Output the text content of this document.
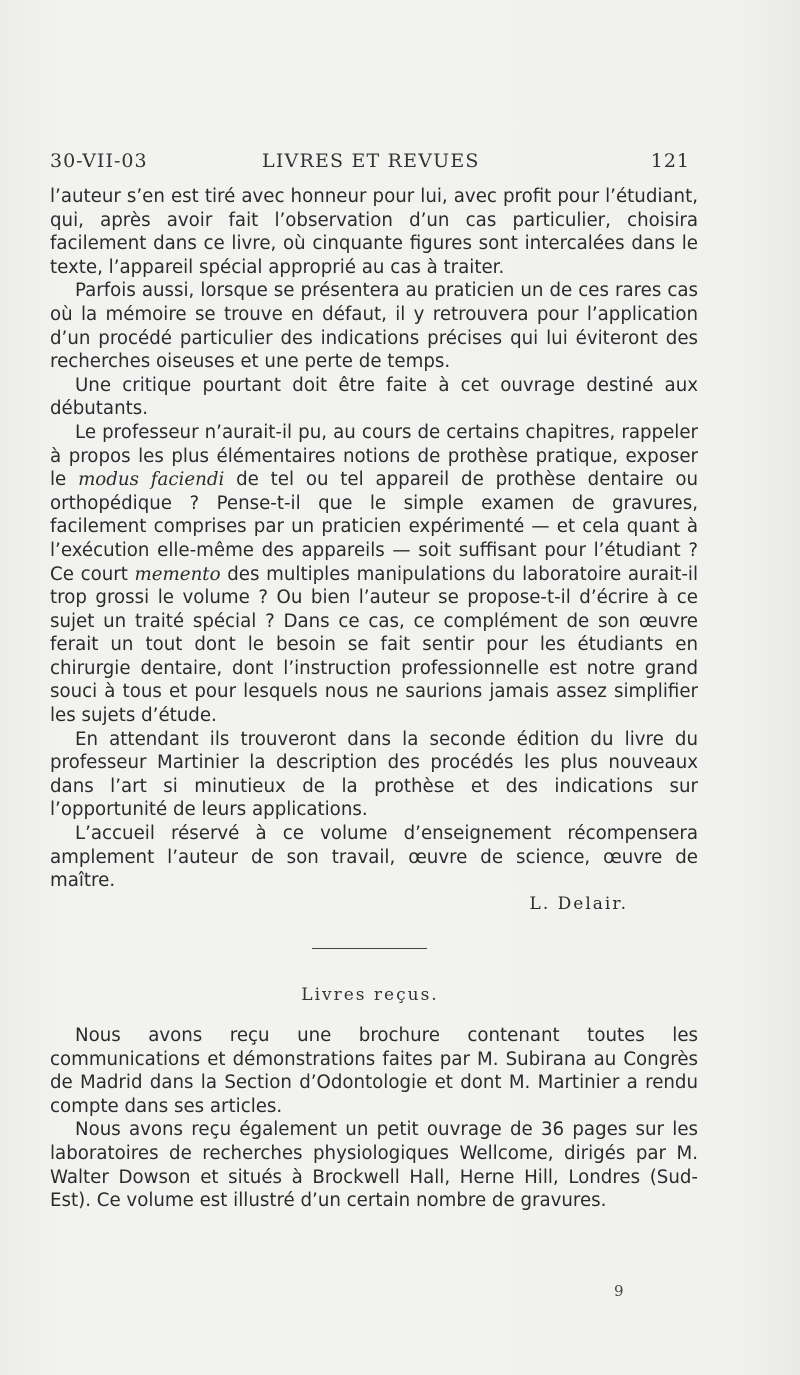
30-VII-03	LIVRES ET REVUES	121

l’auteur s’en est tiré avec honneur pour lui, avec profit pour l’étudiant, qui, après avoir fait l’observation d’un cas particulier, choisira facilement dans ce livre, où cinquante figures sont intercalées dans le texte, l’appareil spécial approprié au cas à traiter.

Parfois aussi, lorsque se présentera au praticien un de ces rares cas où la mémoire se trouve en défaut, il y retrouvera pour l’application d’un procédé particulier des indications précises qui lui éviteront des recherches oiseuses et une perte de temps.

Une critique pourtant doit être faite à cet ouvrage destiné aux débutants.

Le professeur n’aurait-il pu, au cours de certains chapitres, rappeler à propos les plus élémentaires notions de prothèse pratique, exposer le modus faciendi de tel ou tel appareil de prothèse dentaire ou orthopédique ? Pense-t-il que le simple examen de gravures, facilement comprises par un praticien expérimenté — et cela quant à l’exécution elle-même des appareils — soit suffisant pour l’étudiant ? Ce court memento des multiples manipulations du laboratoire aurait-il trop grossi le volume ? Ou bien l’auteur se propose-t-il d’écrire à ce sujet un traité spécial ? Dans ce cas, ce complément de son œuvre ferait un tout dont le besoin se fait sentir pour les étudiants en chirurgie dentaire, dont l’instruction professionnelle est notre grand souci à tous et pour lesquels nous ne saurions jamais assez simplifier les sujets d’étude.

En attendant ils trouveront dans la seconde édition du livre du professeur Martinier la description des procédés les plus nouveaux dans l’art si minutieux de la prothèse et des indications sur l’opportunité de leurs applications.

L’accueil réservé à ce volume d’enseignement récompensera amplement l’auteur de son travail, œuvre de science, œuvre de maître.

L. Delair.

Livres reçus.

Nous avons reçu une brochure contenant toutes les communications et démonstrations faites par M. Subirana au Congrès de Madrid dans la Section d’Odontologie et dont M. Martinier a rendu compte dans ses articles.

Nous avons reçu également un petit ouvrage de 36 pages sur les laboratoires de recherches physiologiques Wellcome, dirigés par M. Walter Dowson et situés à Brockwell Hall, Herne Hill, Londres (Sud-Est). Ce volume est illustré d’un certain nombre de gravures.

9
